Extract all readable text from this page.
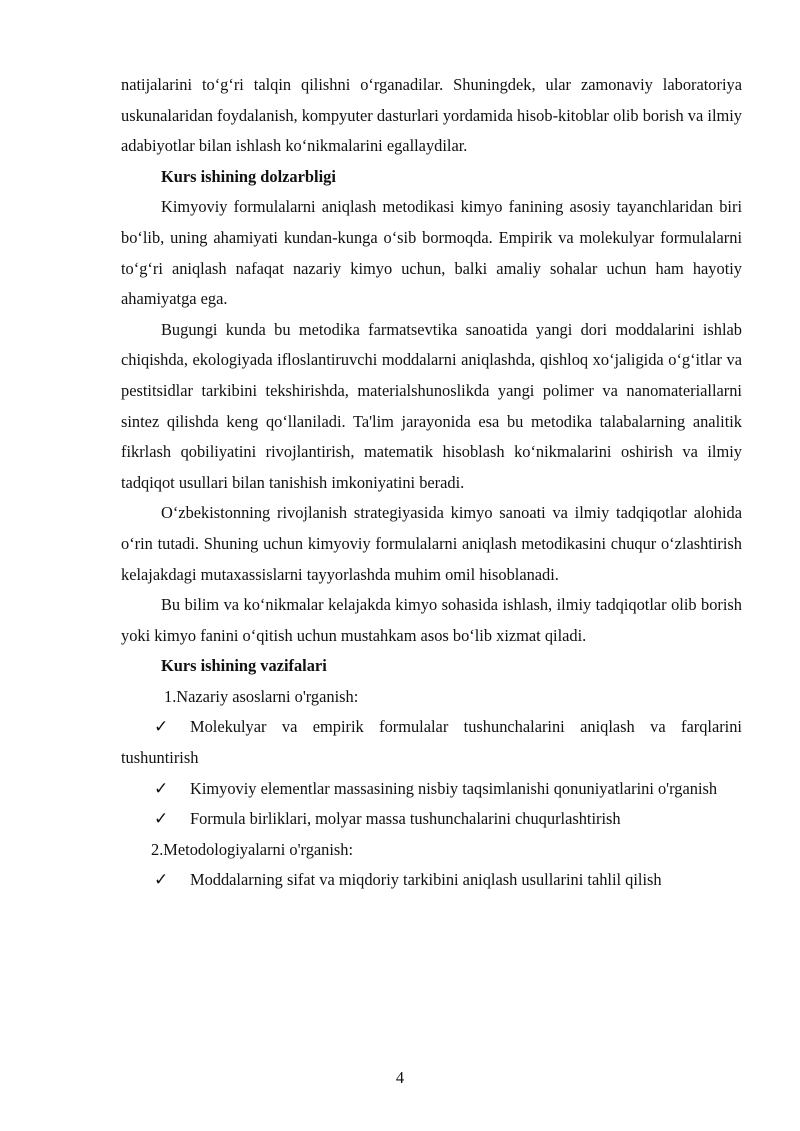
natijalarini to‘g‘ri talqin qilishni o‘rganadilar. Shuningdek, ular zamonaviy laboratoriya uskunalaridan foydalanish, kompyuter dasturlari yordamida hisob-kitoblar olib borish va ilmiy adabiyotlar bilan ishlash ko‘nikmalarini egallaydilar.

Kurs ishining dolzarbligi

Kimyoviy formulalarni aniqlash metodikasi kimyo fanining asosiy tayanchlaridan biri bo‘lib, uning ahamiyati kundan-kunga o‘sib bormoqda. Empirik va molekulyar formulalarni to‘g‘ri aniqlash nafaqat nazariy kimyo uchun, balki amaliy sohalar uchun ham hayotiy ahamiyatga ega.

Bugungi kunda bu metodika farmatsevtika sanoatida yangi dori moddalarini ishlab chiqishda, ekologiyada ifloslantiruvchi moddalarni aniqlashda, qishloq xo‘jaligida o‘g‘itlar va pestitsidlar tarkibini tekshirishda, materialshunoslikda yangi polimer va nanomateriallarni sintez qilishda keng qo‘llaniladi. Ta'lim jarayonida esa bu metodika talabalarning analitik fikrlash qobiliyatini rivojlantirish, matematik hisoblash ko‘nikmalarini oshirish va ilmiy tadqiqot usullari bilan tanishish imkoniyatini beradi.

O‘zbekistonning rivojlanish strategiyasida kimyo sanoati va ilmiy tadqiqotlar alohida o‘rin tutadi. Shuning uchun kimyoviy formulalarni aniqlash metodikasini chuqur o‘zlashtirish kelajakdagi mutaxassislarni tayyorlashda muhim omil hisoblanadi.

Bu bilim va ko‘nikmalar kelajakda kimyo sohasida ishlash, ilmiy tadqiqotlar olib borish yoki kimyo fanini o‘qitish uchun mustahkam asos bo‘lib xizmat qiladi.

Kurs ishining vazifalari

1.Nazariy asoslarni o'rganish:

✓ Molekulyar va empirik formulalar tushunchalarini aniqlash va farqlarini tushuntirish

✓ Kimyoviy elementlar massasining nisbiy taqsimlanishi qonuniyatlarini o'rganish

✓ Formula birliklari, molyar massa tushunchalarini chuqurlashtirish

2.Metodologiyalarni o'rganish:

✓ Moddalarning sifat va miqdoriy tarkibini aniqlash usullarini tahlil qilish

4
